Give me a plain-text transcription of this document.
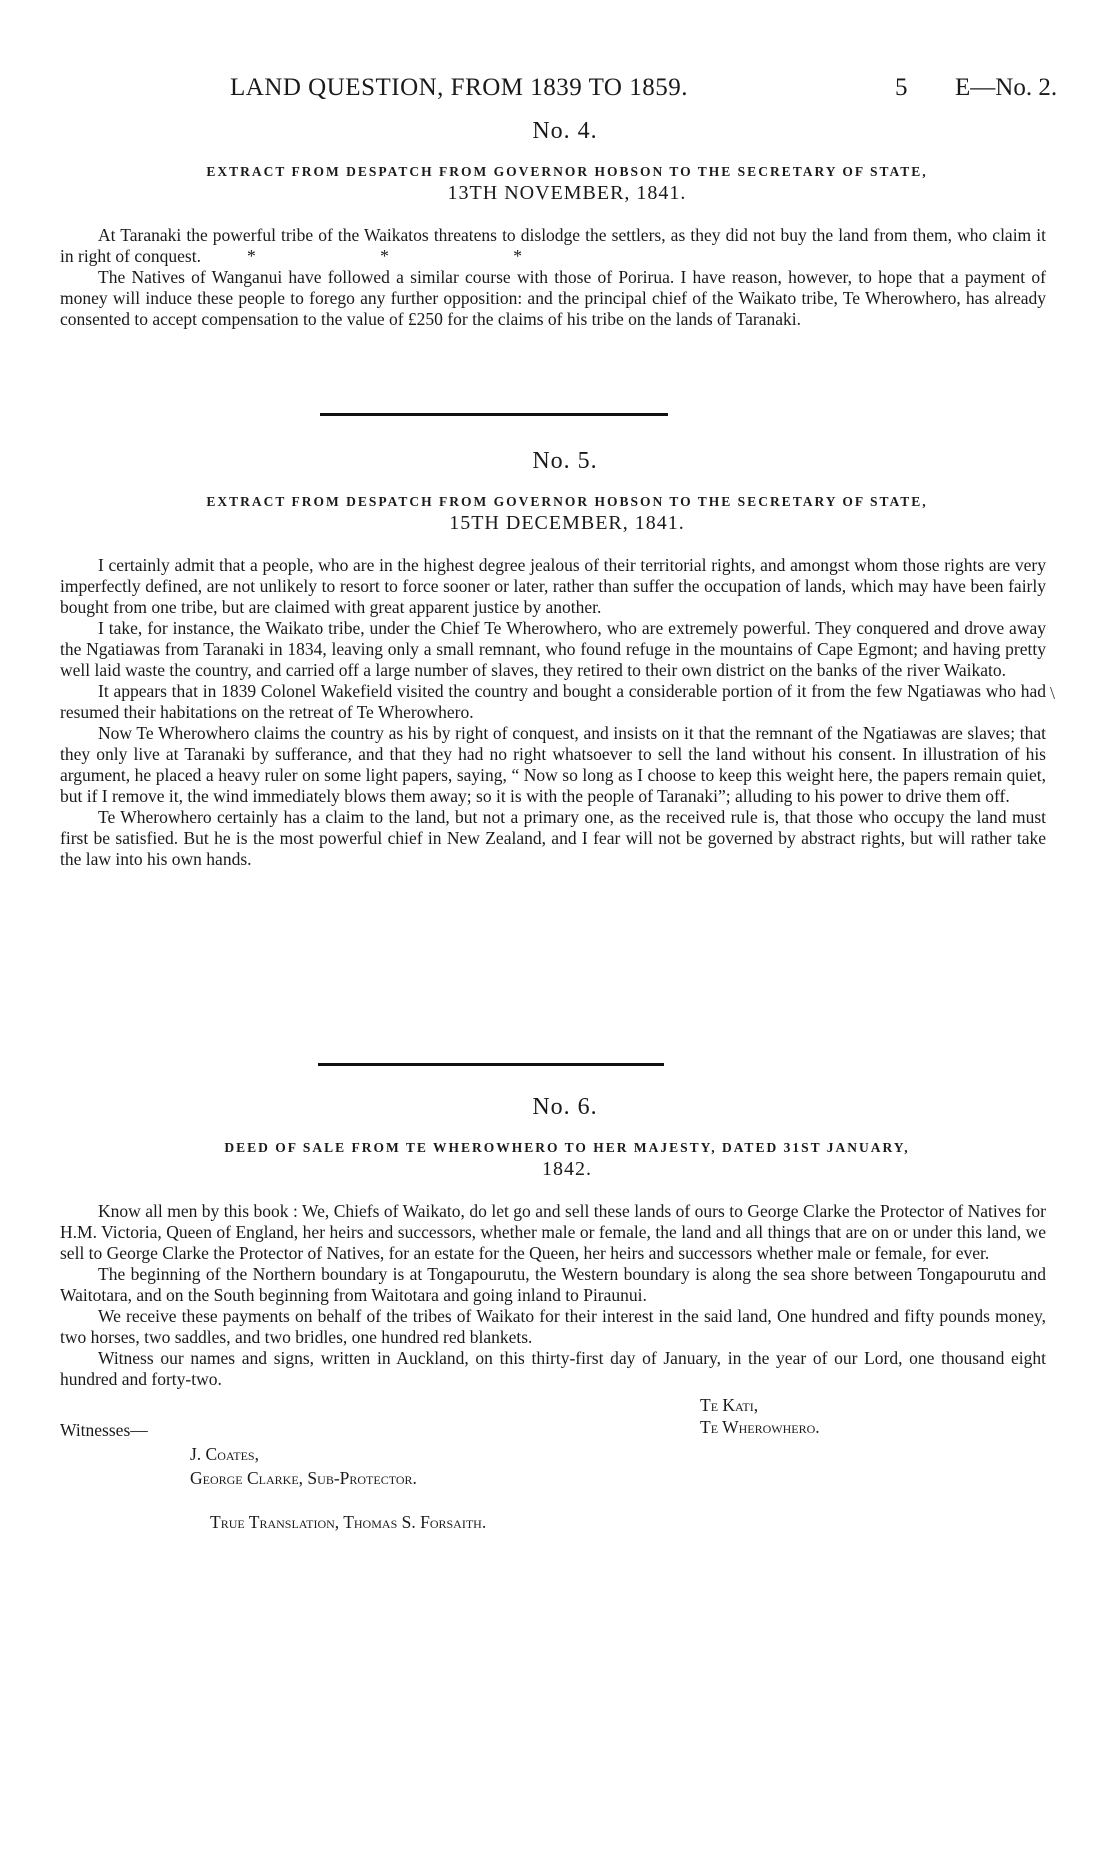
LAND QUESTION, FROM 1839 TO 1859.	5 E—No. 2.
No. 4.
EXTRACT FROM DESPATCH FROM GOVERNOR HOBSON TO THE SECRETARY OF STATE,
13TH NOVEMBER, 1841.

At Taranaki the powerful tribe of the Waikatos threatens to dislodge the settlers, as they did not buy the land from them, who claim it in right of conquest.	* * *

The Natives of Wanganui have followed a similar course with those of Porirua. I have reason, however, to hope that a payment of money will induce these people to forego any further opposition: and the principal chief of the Waikato tribe, Te Wherowhero, has already consented to accept compensation to the value of £250 for the claims of his tribe on the lands of Taranaki.

No. 5.
EXTRACT FROM DESPATCH FROM GOVERNOR HOBSON TO THE SECRETARY OF STATE,
15TH DECEMBER, 1841.

I certainly admit that a people, who are in the highest degree jealous of their territorial rights, and amongst whom those rights are very imperfectly defined, are not unlikely to resort to force sooner or later, rather than suffer the occupation of lands, which may have been fairly bought from one tribe, but are claimed with great apparent justice by another.

I take, for instance, the Waikato tribe, under the Chief Te Wherowhero, who are extremely powerful. They conquered and drove away the Ngatiawas from Taranaki in 1834, leaving only a small remnant, who found refuge in the mountains of Cape Egmont; and having pretty well laid waste the country, and carried off a large number of slaves, they retired to their own district on the banks of the river Waikato.

It appears that in 1839 Colonel Wakefield visited the country and bought a considerable portion of it from the few Ngatiawas who had resumed their habitations on the retreat of Te Wherowhero.

Now Te Wherowhero claims the country as his by right of conquest, and insists on it that the remnant of the Ngatiawas are slaves; that they only live at Taranaki by sufferance, and that they had no right whatsoever to sell the land without his consent. In illustration of his argument, he placed a heavy ruler on some light papers, saying, “ Now so long as I choose to keep this weight here, the papers remain quiet, but if I remove it, the wind immediately blows them away; so it is with the people of Taranaki”; alluding to his power to drive them off.

Te Wherowhero certainly has a claim to the land, but not a primary one, as the received rule is, that those who occupy the land must first be satisfied. But he is the most powerful chief in New Zealand, and I fear will not be governed by abstract rights, but will rather take the law into his own hands.

\
No. 6.
DEED OF SALE FROM TE WHEROWHERO TO HER MAJESTY, DATED 31ST JANUARY,
1842.

Know all men by this book : We, Chiefs of Waikato, do let go and sell these lands of ours to George Clarke the Protector of Natives for H.M. Victoria, Queen of England, her heirs and successors, whether male or female, the land and all things that are on or under this land, we sell to George Clarke the Protector of Natives, for an estate for the Queen, her heirs and successors whether male or female, for ever.

The beginning of the Northern boundary is at Tongapourutu, the Western boundary is along the sea shore between Tongapourutu and Waitotara, and on the South beginning from Waitotara and going inland to Piraunui.

We receive these payments on behalf of the tribes of Waikato for their interest in the said land, One hundred and fifty pounds money, two horses, two saddles, and two bridles, one hundred red blankets.

Witness our names and signs, written in Auckland, on this thirty-first day of January, in the year of our Lord, one thousand eight hundred and forty-two.

Te Kati,
Te Wherowhero.
Witnesses—
J. Coates,
George Clarke, Sub-Protector.
True Translation, Thomas S. Forsaith.
